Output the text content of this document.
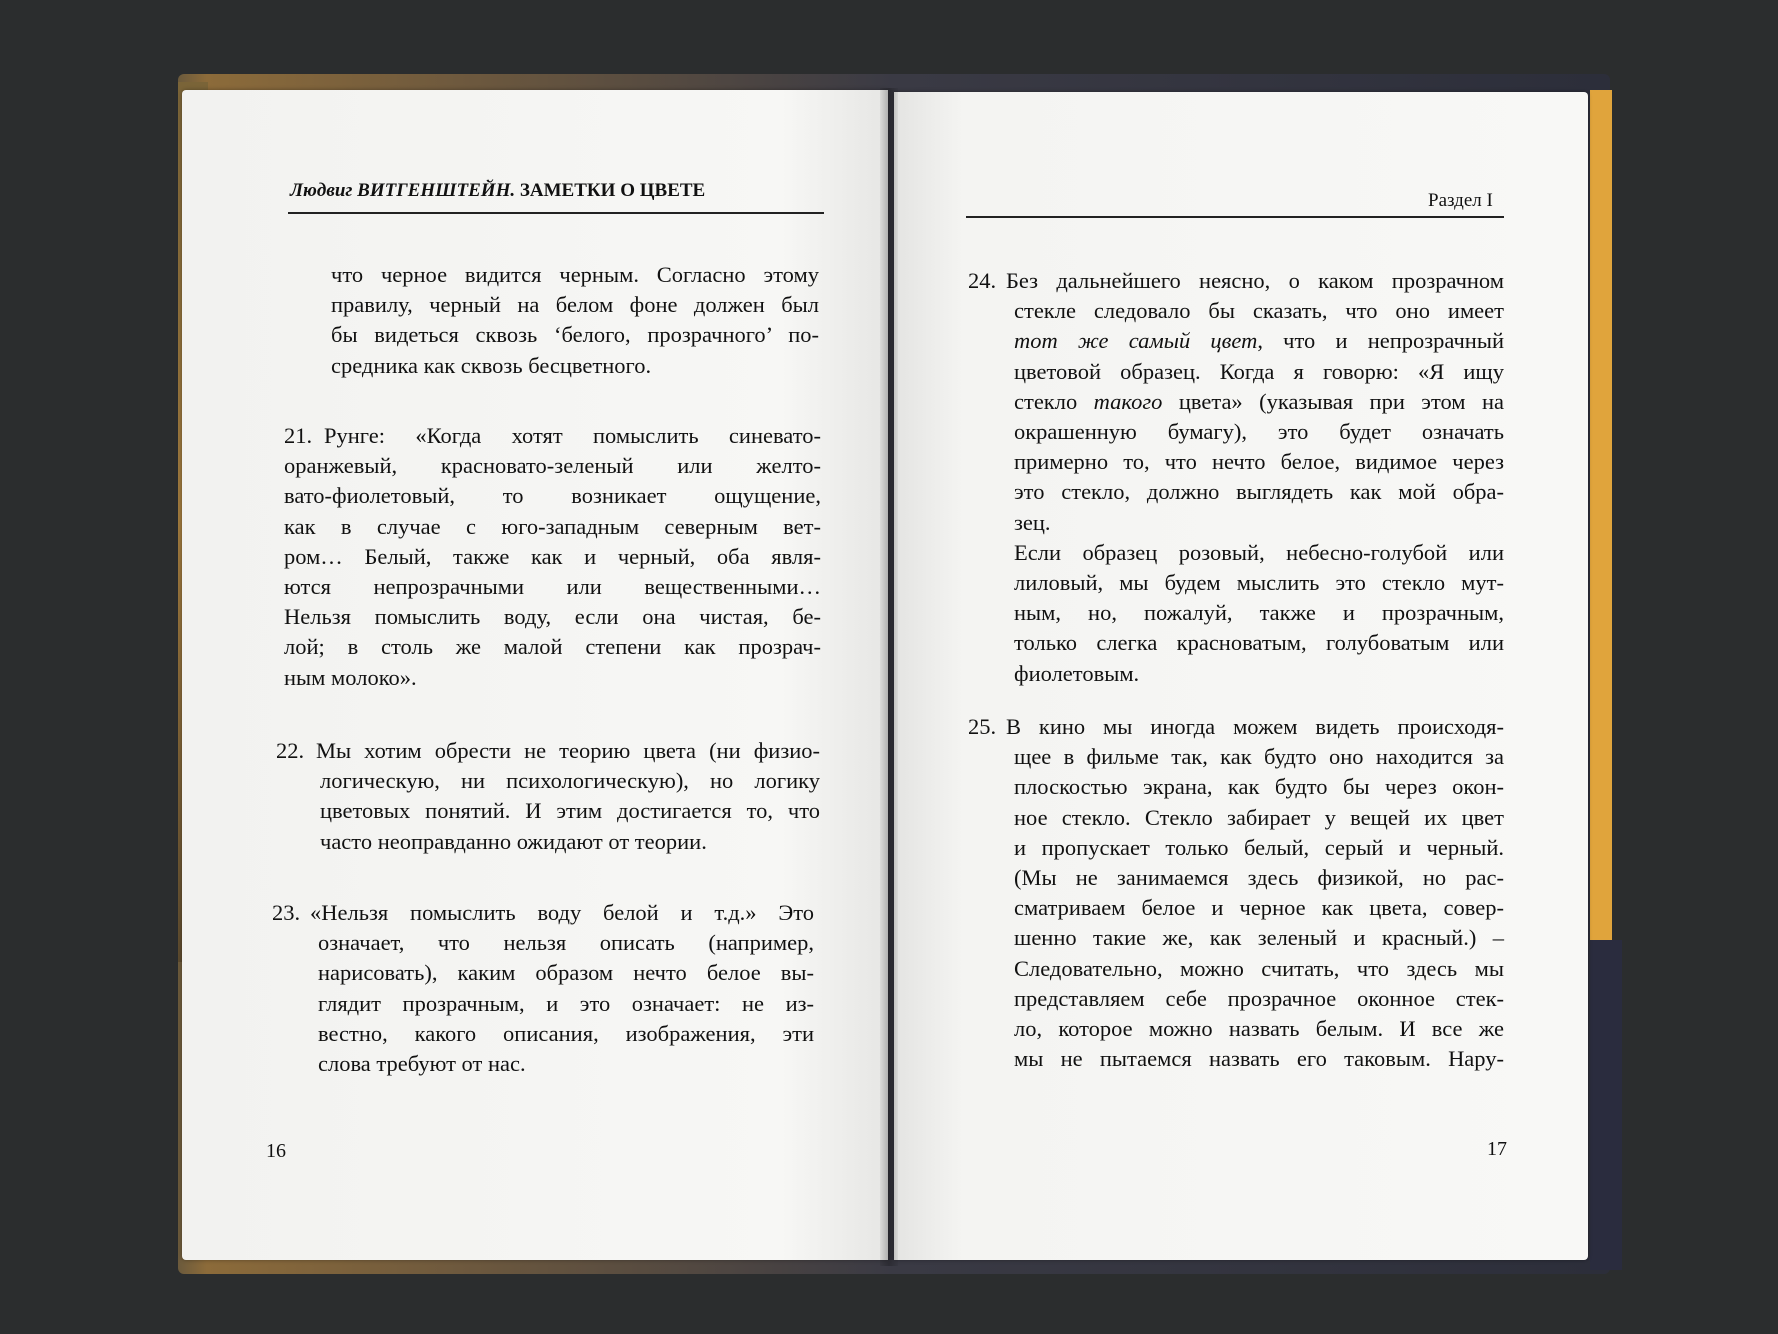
Людвиг ВИТГЕНШТЕЙН. ЗАМЕТКИ О ЦВЕТЕ
что черное видится черным. Согласно этому
правилу, черный на белом фоне должен был
бы видеться сквозь ‘белого, прозрачного’ по-
средника как сквозь бесцветного.
21. Рунге: «Когда хотят помыслить синевато-
оранжевый, красновато-зеленый или желто-
вато-фиолетовый, то возникает ощущение,
как в случае с юго-западным северным вет-
ром… Белый, также как и черный, оба явля-
ются непрозрачными или вещественными…
Нельзя помыслить воду, если она чистая, бе-
лой; в столь же малой степени как прозрач-
ным молоко».
22. Мы хотим обрести не теорию цвета (ни физио-
логическую, ни психологическую), но логику
цветовых понятий. И этим достигается то, что
часто неоправданно ожидают от теории.
23. «Нельзя помыслить воду белой и т.д.» Это
означает, что нельзя описать (например,
нарисовать), каким образом нечто белое вы-
глядит прозрачным, и это означает: не из-
вестно, какого описания, изображения, эти
слова требуют от нас.
16
Раздел I
24. Без дальнейшего неясно, о каком прозрачном
стекле следовало бы сказать, что оно имеет
тот же самый цвет, что и непрозрачный
цветовой образец. Когда я говорю: «Я ищу
стекло такого цвета» (указывая при этом на
окрашенную бумагу), это будет означать
примерно то, что нечто белое, видимое через
это стекло, должно выглядеть как мой обра-
зец.
Если образец розовый, небесно-голубой или
лиловый, мы будем мыслить это стекло мут-
ным, но, пожалуй, также и прозрачным,
только слегка красноватым, голубоватым или
фиолетовым.
25. В кино мы иногда можем видеть происходя-
щее в фильме так, как будто оно находится за
плоскостью экрана, как будто бы через окон-
ное стекло. Стекло забирает у вещей их цвет
и пропускает только белый, серый и черный.
(Мы не занимаемся здесь физикой, но рас-
сматриваем белое и черное как цвета, совер-
шенно такие же, как зеленый и красный.) –
Следовательно, можно считать, что здесь мы
представляем себе прозрачное оконное стек-
ло, которое можно назвать белым. И все же
мы не пытаемся назвать его таковым. Нару-
17
